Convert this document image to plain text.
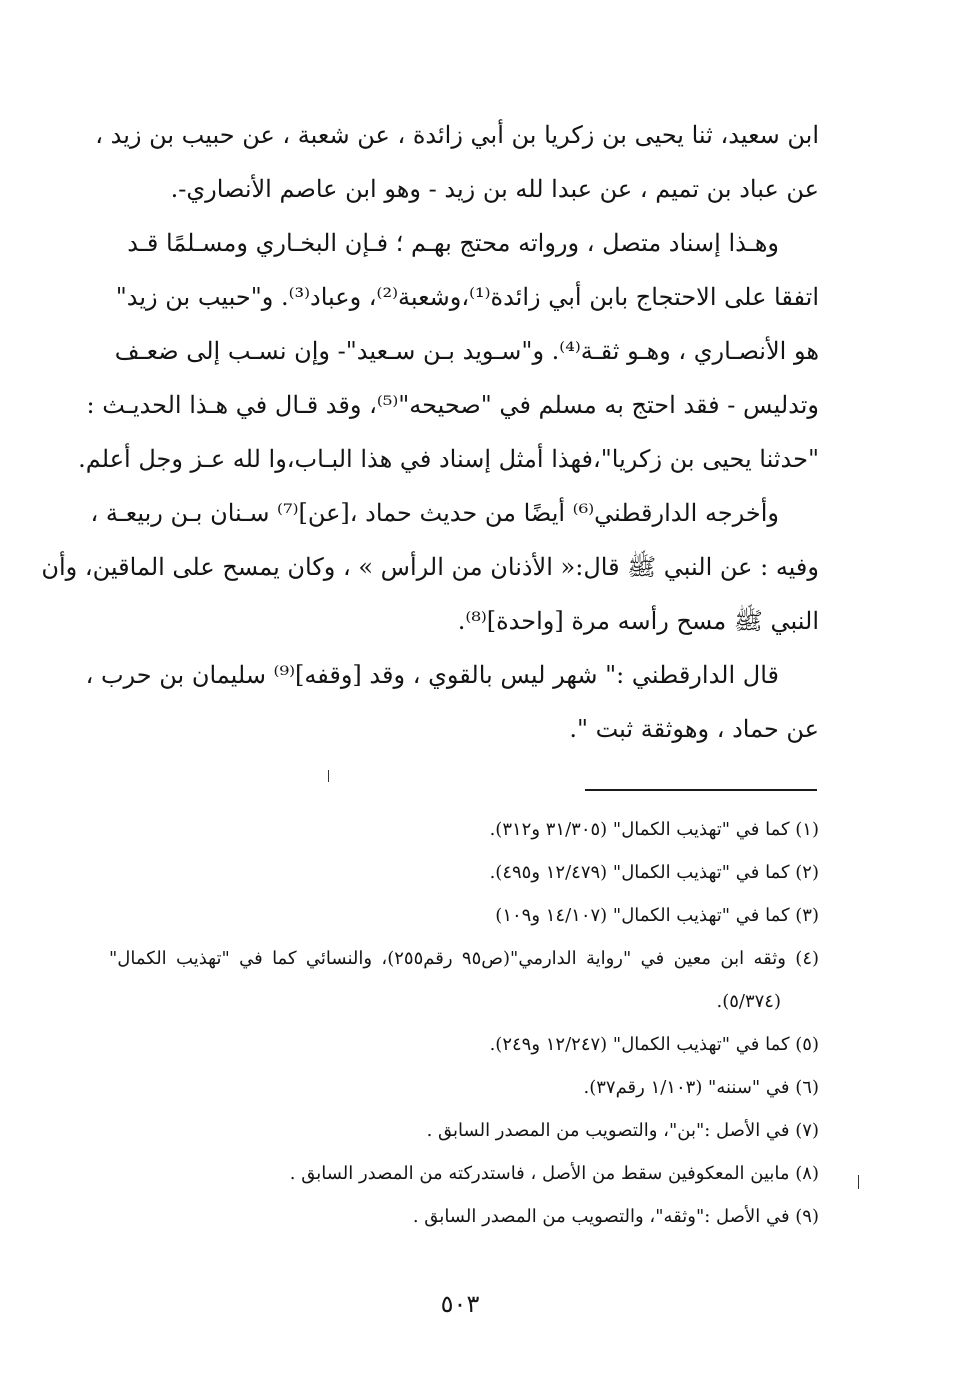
ابن سعيد، ثنا يحيى بن زكريا بن أبي زائدة ، عن شعبة ، عن حبيب بن زيد ،
عن عباد بن تميم ، عن عبدا لله بن زيد - وهو ابن عاصم الأنصاري-.
وهـذا إسناد متصل ، ورواته محتج بهـم ؛ فـإن البخـاري ومسـلمًا قـد
اتفقا على الاحتجاج بابن أبي زائدة⁽¹⁾،وشعبة⁽²⁾، وعباد⁽³⁾. و"حبيب بن زيد"
هو الأنصـاري ، وهـو ثقـة⁽⁴⁾. و"سـويد بـن سـعيد"- وإن نسـب إلى ضعـف
وتدليس - فقد احتج به مسلم في "صحيحه"⁽⁵⁾، وقد قـال في هـذا الحديـث :
"حدثنا يحيى بن زكريا"،فهذا أمثل إسناد في هذا البـاب،وا لله عـز وجل أعلم.
وأخرجه الدارقطني⁽⁶⁾ أيضًا من حديث حماد ،[عن]⁽⁷⁾ سـنان بـن ربيعـة ،
وفيه : عن النبي ﷺ قال:« الأذنان من الرأس » ، وكان يمسح على الماقين، وأن
النبي ﷺ مسح رأسه مرة [واحدة]⁽⁸⁾.
قال الدارقطني :" شهر ليس بالقوي ، وقد [وقفه]⁽⁹⁾ سليمان بن حرب ،
عن حماد ، وهوثقة ثبت ".
(١) كما في "تهذيب الكمال" (٣١/٣٠٥ و٣١٢).
(٢) كما في "تهذيب الكمال" (١٢/٤٧٩ و٤٩٥).
(٣) كما في "تهذيب الكمال" (١٤/١٠٧ و١٠٩)
(٤) وثقه ابن معين في "رواية الدارمي"(ص٩٥ رقم٢٥٥)، والنسائي كما في "تهذيب الكمال"
(٥/٣٧٤).
(٥) كما في "تهذيب الكمال" (١٢/٢٤٧ و٢٤٩).
(٦) في "سننه" (١/١٠٣ رقم٣٧).
(٧) في الأصل :"بن"، والتصويب من المصدر السابق .
(٨) مابين المعكوفين سقط من الأصل ، فاستدركته من المصدر السابق .
(٩) في الأصل :"وثقه"، والتصويب من المصدر السابق .
٥٠٣
